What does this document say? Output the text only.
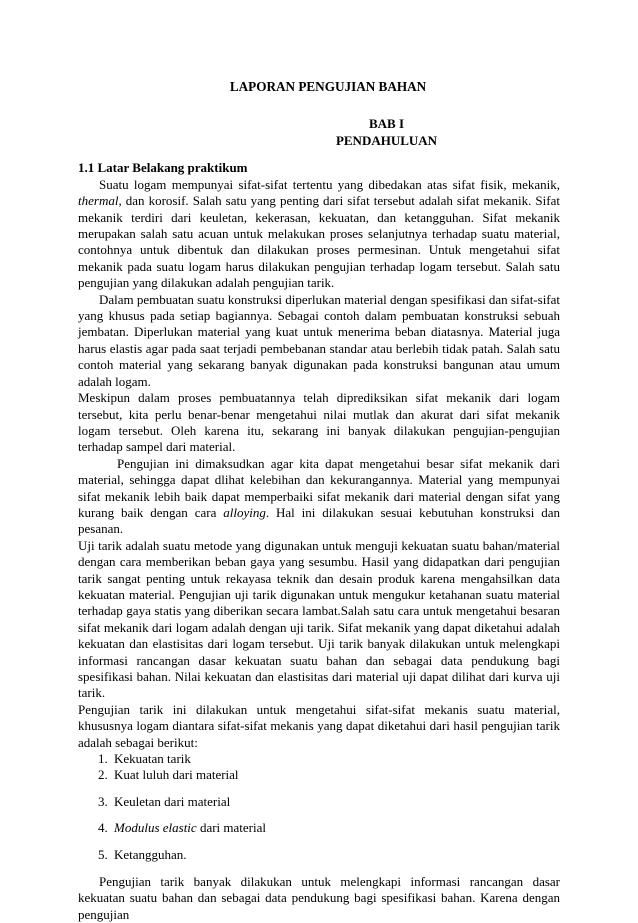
LAPORAN PENGUJIAN BAHAN
BAB I
PENDAHULUAN
1.1 Latar Belakang praktikum

Suatu logam mempunyai sifat-sifat tertentu yang dibedakan atas sifat fisik, mekanik, thermal, dan korosif. Salah satu yang penting dari sifat tersebut adalah sifat mekanik. Sifat mekanik terdiri dari keuletan, kekerasan, kekuatan, dan ketangguhan. Sifat mekanik merupakan salah satu acuan untuk melakukan proses selanjutnya terhadap suatu material, contohnya untuk dibentuk dan dilakukan proses permesinan. Untuk mengetahui sifat mekanik pada suatu logam harus dilakukan pengujian terhadap logam tersebut. Salah satu pengujian yang dilakukan adalah pengujian tarik.

Dalam pembuatan suatu konstruksi diperlukan material dengan spesifikasi dan sifat-sifat yang khusus pada setiap bagiannya. Sebagai contoh dalam pembuatan konstruksi sebuah jembatan. Diperlukan material yang kuat untuk menerima beban diatasnya. Material juga harus elastis agar pada saat terjadi pembebanan standar atau berlebih tidak patah. Salah satu contoh material yang sekarang banyak digunakan pada konstruksi bangunan atau umum adalah logam.

Meskipun dalam proses pembuatannya telah diprediksikan sifat mekanik dari logam tersebut, kita perlu benar-benar mengetahui nilai mutlak dan akurat dari sifat mekanik logam tersebut. Oleh karena itu, sekarang ini banyak dilakukan pengujian-pengujian terhadap sampel dari material.

Pengujian ini dimaksudkan agar kita dapat mengetahui besar sifat mekanik dari material, sehingga dapat dlihat kelebihan dan kekurangannya. Material yang mempunyai sifat mekanik lebih baik dapat memperbaiki sifat mekanik dari material dengan sifat yang kurang baik dengan cara alloying. Hal ini dilakukan sesuai kebutuhan konstruksi dan pesanan.

Uji tarik adalah suatu metode yang digunakan untuk menguji kekuatan suatu bahan/material dengan cara memberikan beban gaya yang sesumbu. Hasil yang didapatkan dari pengujian tarik sangat penting untuk rekayasa teknik dan desain produk karena mengahsilkan data kekuatan material. Pengujian uji tarik digunakan untuk mengukur ketahanan suatu material terhadap gaya statis yang diberikan secara lambat.Salah satu cara untuk mengetahui besaran sifat mekanik dari logam adalah dengan uji tarik. Sifat mekanik yang dapat diketahui adalah kekuatan dan elastisitas dari logam tersebut. Uji tarik banyak dilakukan untuk melengkapi informasi rancangan dasar kekuatan suatu bahan dan sebagai data pendukung bagi spesifikasi bahan. Nilai kekuatan dan elastisitas dari material uji dapat dilihat dari kurva uji tarik.

Pengujian tarik ini dilakukan untuk mengetahui sifat-sifat mekanis suatu material, khususnya logam diantara sifat-sifat mekanis yang dapat diketahui dari hasil pengujian tarik adalah sebagai berikut:

1. Kekuatan tarik
2. Kuat luluh dari material
3. Keuletan dari material
4. Modulus elastic dari material
5. Ketangguhan.

Pengujian tarik banyak dilakukan untuk melengkapi informasi rancangan dasar kekuatan suatu bahan dan sebagai data pendukung bagi spesifikasi bahan. Karena dengan pengujian
